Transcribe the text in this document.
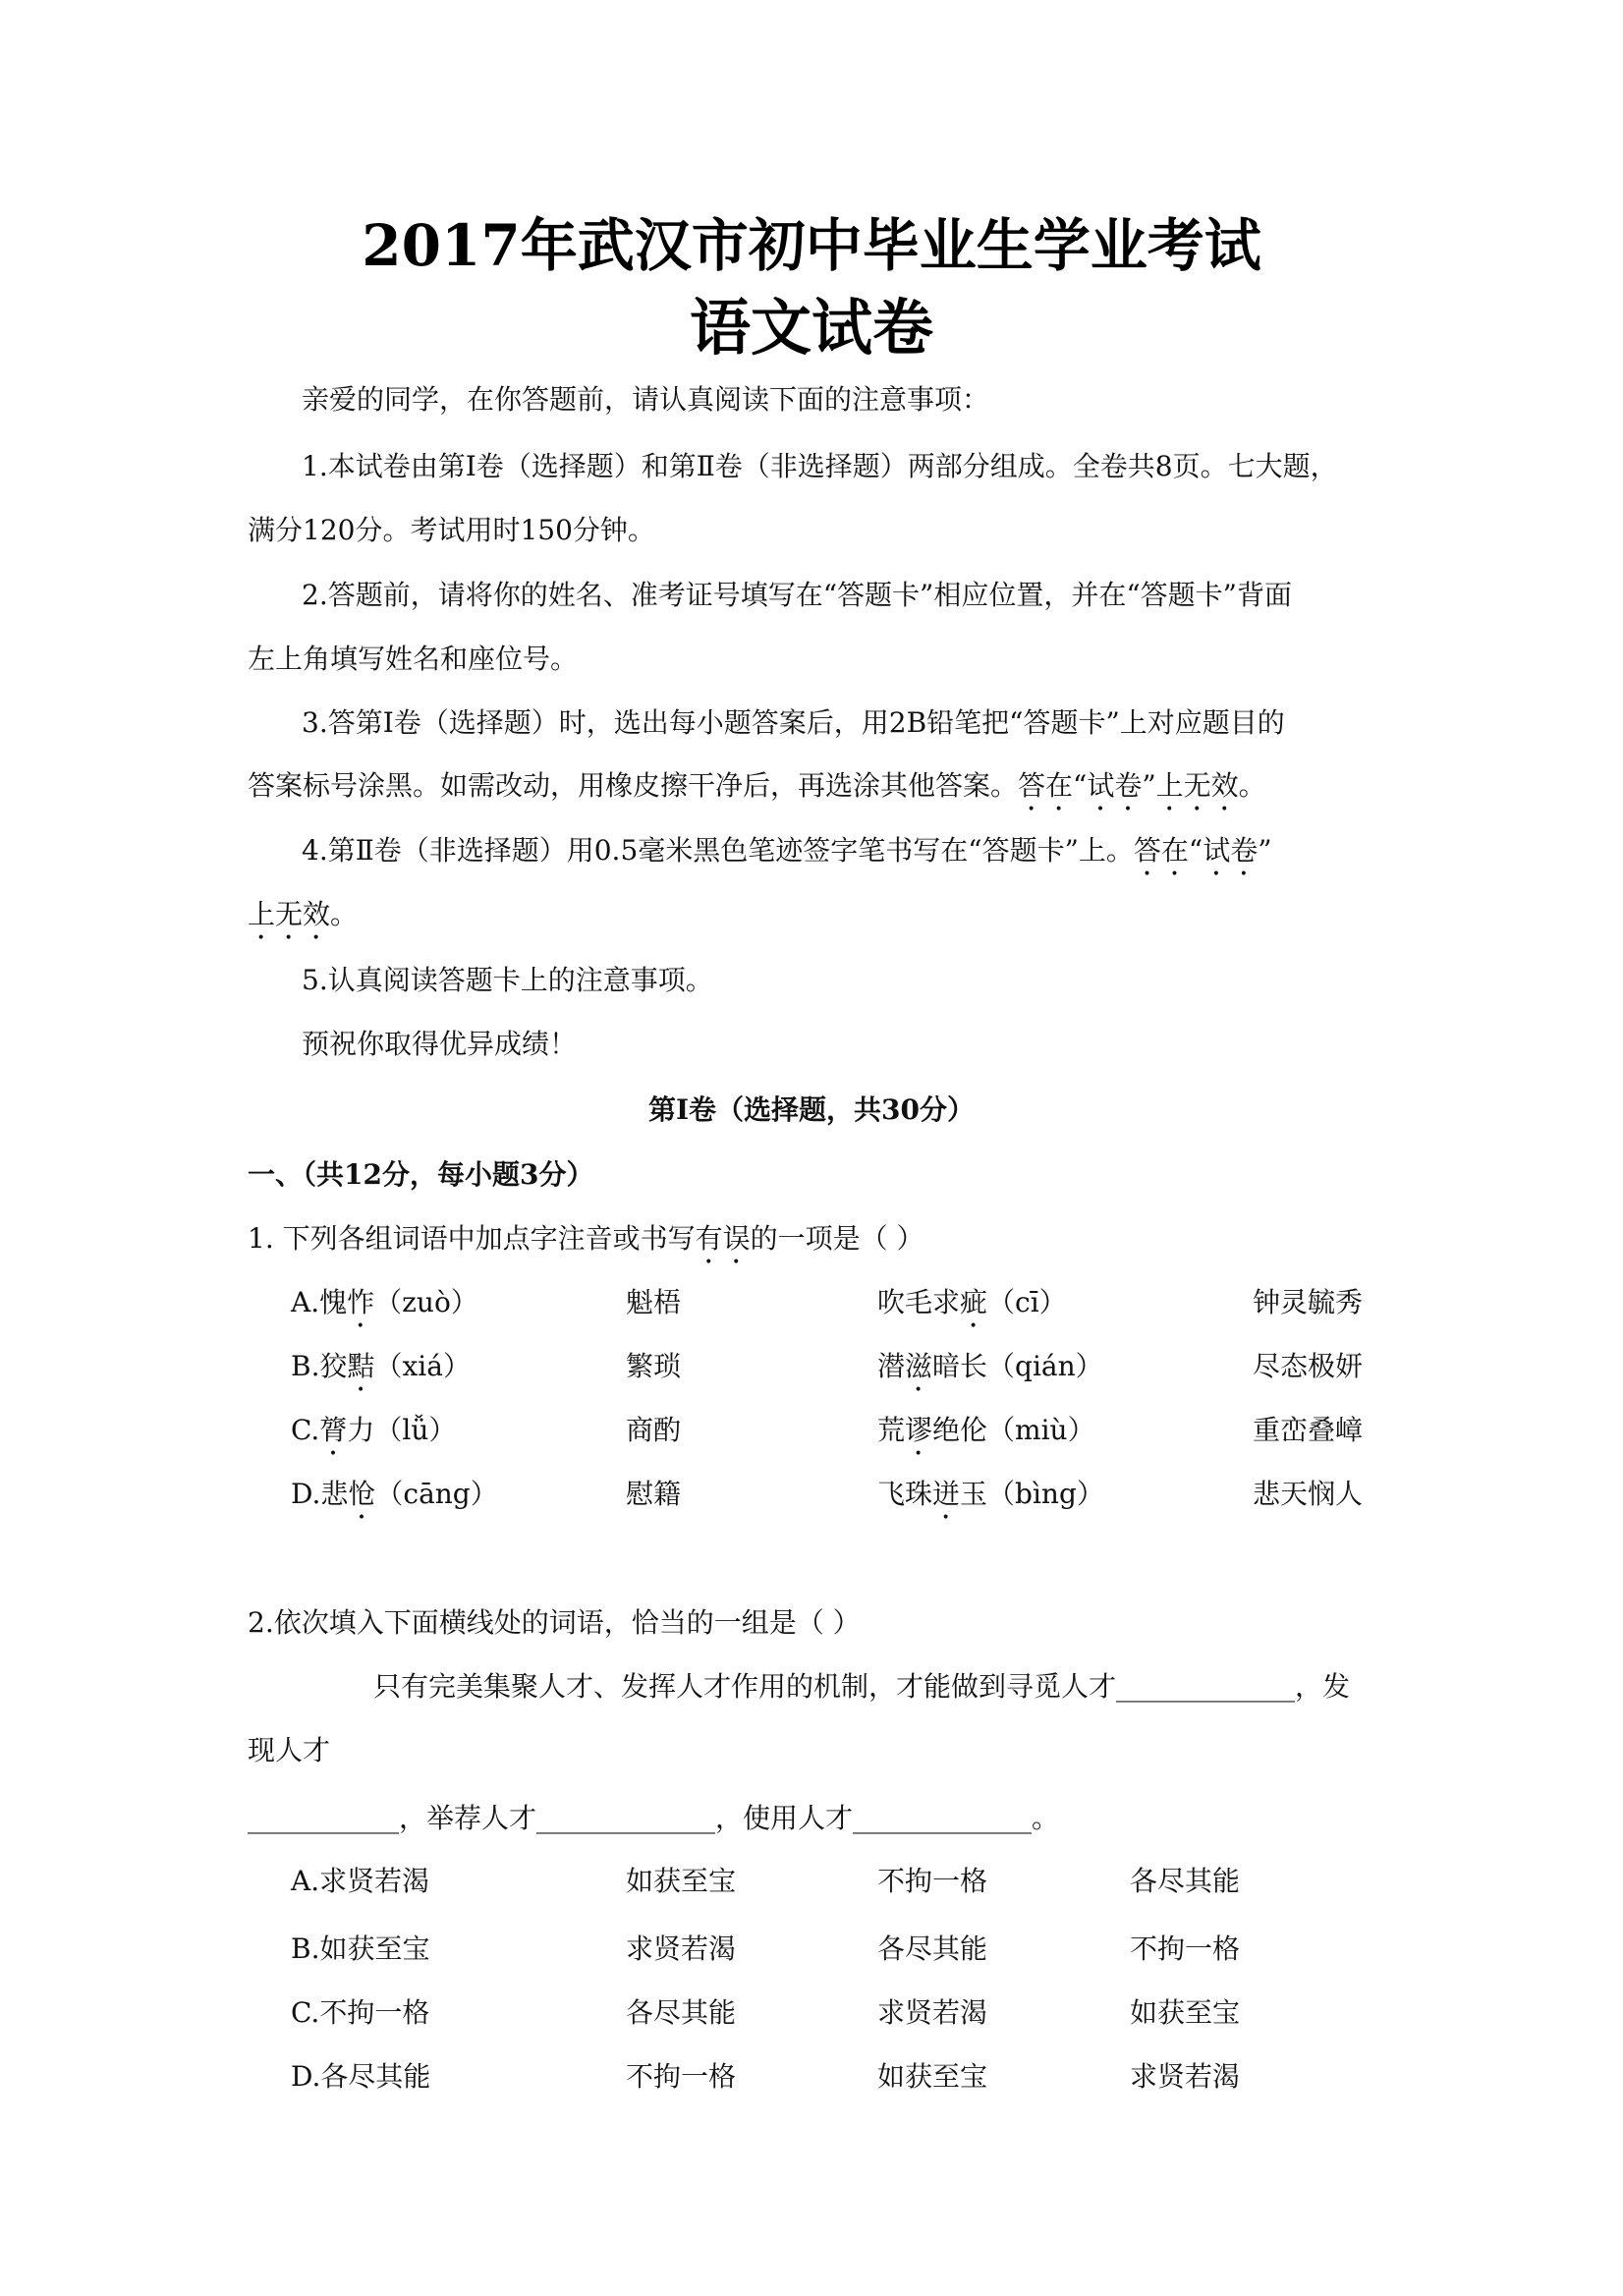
2017年武汉市初中毕业生学业考试
语文试卷
亲爱的同学，在你答题前，请认真阅读下面的注意事项：
1.本试卷由第Ⅰ卷（选择题）和第Ⅱ卷（非选择题）两部分组成。全卷共8页。七大题，
满分120分。考试用时150分钟。
2.答题前，请将你的姓名、准考证号填写在“答题卡”相应位置，并在“答题卡”背面
左上角填写姓名和座位号。
3.答第Ⅰ卷（选择题）时，选出每小题答案后，用2B铅笔把“答题卡”上对应题目的
答案标号涂黑。如需改动，用橡皮擦干净后，再选涂其他答案。答在“试卷”上无效。
4.第Ⅱ卷（非选择题）用0.5毫米黑色笔迹签字笔书写在“答题卡”上。答在“试卷”
上无效。
5.认真阅读答题卡上的注意事项。
预祝你取得优异成绩！
第Ⅰ卷（选择题，共30分）
一、（共12分，每小题3分）
1. 下列各组词语中加点字注音或书写有误的一项是（ ）
A.愧怍（zuò）	魁梧	吹毛求疵（cī）	钟灵毓秀
B.狡黠（xiá）	繁琐	潜滋暗长（qián）	尽态极妍
C.膂力（lǚ）	商酌	荒谬绝伦（miù）	重峦叠嶂
D.悲怆（cāng）	慰籍	飞珠迸玉（bìng）	悲天悯人
2.依次填入下面横线处的词语，恰当的一组是（ ）
只有完美集聚人才、发挥人才作用的机制，才能做到寻觅人才_____________，发
现人才
___________，举荐人才_____________，使用人才_____________。
A.求贤若渴	如获至宝	不拘一格	各尽其能
B.如获至宝	求贤若渴	各尽其能	不拘一格
C.不拘一格	各尽其能	求贤若渴	如获至宝
D.各尽其能	不拘一格	如获至宝	求贤若渴
